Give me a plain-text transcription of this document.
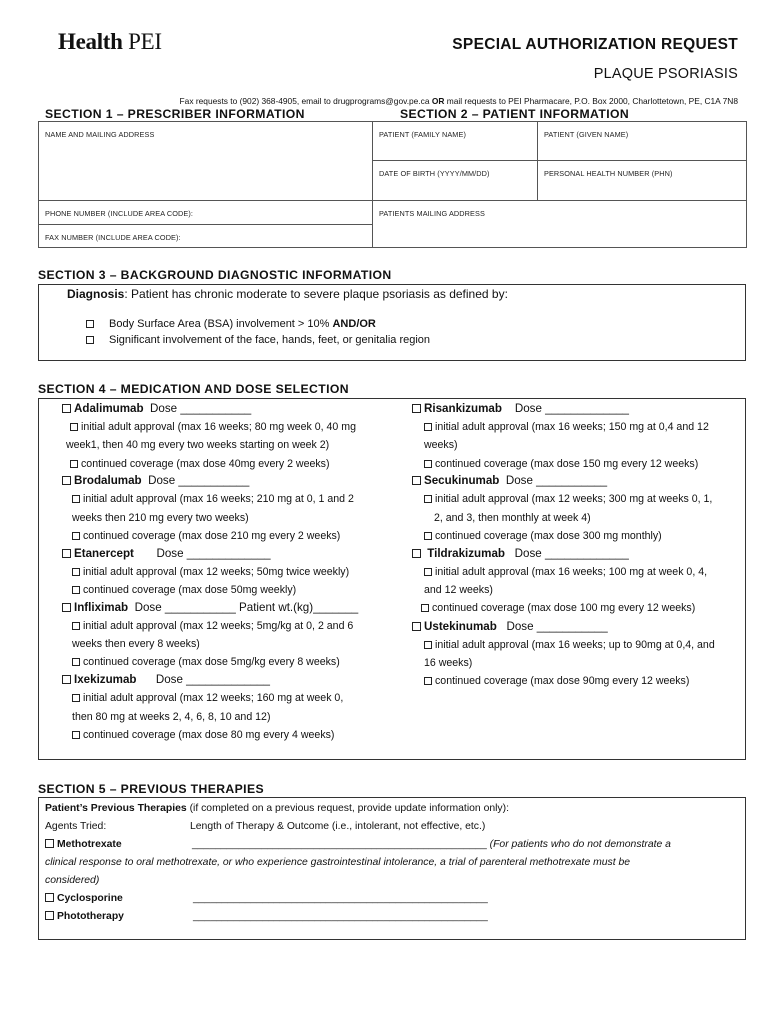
Health PEI	SPECIAL AUTHORIZATION REQUEST
PLAQUE PSORIASIS
Fax requests to (902) 368-4905, email to drugprograms@gov.pe.ca OR mail requests to PEI Pharmacare, P.O. Box 2000, Charlottetown, PE, C1A 7N8
SECTION 1 – PRESCRIBER INFORMATION	SECTION 2 – PATIENT INFORMATION
NAME AND MAILING ADDRESS
PHONE NUMBER (INCLUDE AREA CODE):
FAX NUMBER (INCLUDE AREA CODE):
PATIENT (FAMILY NAME)	PATIENT (GIVEN NAME)
DATE OF BIRTH (YYYY/MM/DD)	PERSONAL HEALTH NUMBER (PHN)
PATIENTS MAILING ADDRESS
SECTION 3 – BACKGROUND DIAGNOSTIC INFORMATION
Diagnosis: Patient has chronic moderate to severe plaque psoriasis as defined by:
Body Surface Area (BSA) involvement > 10% AND/OR
Significant involvement of the face, hands, feet, or genitalia region
SECTION 4 – MEDICATION AND DOSE SELECTION
Adalimumab Dose ___________
initial adult approval (max 16 weeks; 80 mg week 0, 40 mg
week1, then 40 mg every two weeks starting on week 2)
continued coverage (max dose 40mg every 2 weeks)
Brodalumab Dose ___________
initial adult approval (max 16 weeks; 210 mg at 0, 1 and 2
weeks then 210 mg every two weeks)
continued coverage (max dose 210 mg every 2 weeks)
Etanercept Dose _____________
initial adult approval (max 12 weeks; 50mg twice weekly)
continued coverage (max dose 50mg weekly)
Infliximab Dose ___________ Patient wt.(kg)_______
initial adult approval (max 12 weeks; 5mg/kg at 0, 2 and 6
weeks then every 8 weeks)
continued coverage (max dose 5mg/kg every 8 weeks)
Ixekizumab Dose _____________
initial adult approval (max 12 weeks; 160 mg at week 0,
then 80 mg at weeks 2, 4, 6, 8, 10 and 12)
continued coverage (max dose 80 mg every 4 weeks)
Risankizumab Dose _____________
initial adult approval (max 16 weeks; 150 mg at 0,4 and 12
weeks)
continued coverage (max dose 150 mg every 12 weeks)
Secukinumab Dose ___________
initial adult approval (max 12 weeks; 300 mg at weeks 0, 1,
2, and 3, then monthly at week 4)
continued coverage (max dose 300 mg monthly)
Tildrakizumab Dose _____________
initial adult approval (max 16 weeks; 100 mg at week 0, 4,
and 12 weeks)
continued coverage (max dose 100 mg every 12 weeks)
Ustekinumab Dose ___________
initial adult approval (max 16 weeks; up to 90mg at 0,4, and
16 weeks)
continued coverage (max dose 90mg every 12 weeks)
SECTION 5 – PREVIOUS THERAPIES
Patient’s Previous Therapies (if completed on a previous request, provide update information only):
Agents Tried:	Length of Therapy & Outcome (i.e., intolerant, not effective, etc.)
Methotrexate	___________________________________________________ (For patients who do not demonstrate a
clinical response to oral methotrexate, or who experience gastrointestinal intolerance, a trial of parenteral methotrexate must be
considered)
Cyclosporine	___________________________________________________
Phototherapy	___________________________________________________
